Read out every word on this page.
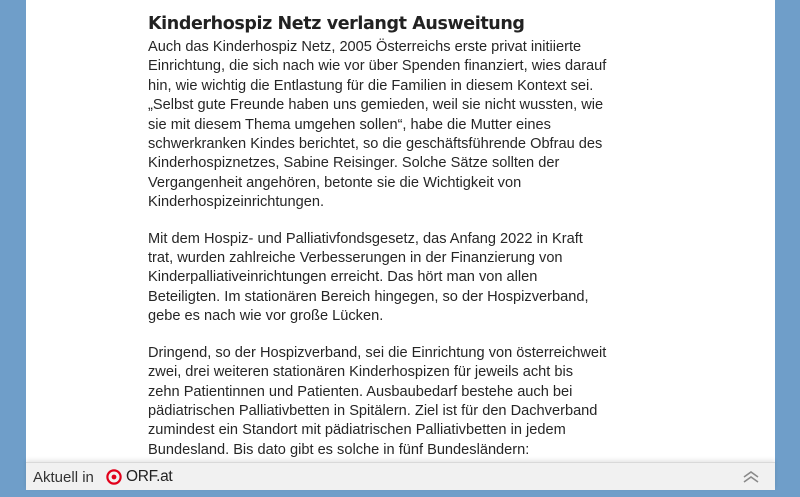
Kinderhospiz Netz verlangt Ausweitung

Auch das Kinderhospiz Netz, 2005 Österreichs erste privat initiierte Einrichtung, die sich nach wie vor über Spenden finanziert, wies darauf hin, wie wichtig die Entlastung für die Familien in diesem Kontext sei. „Selbst gute Freunde haben uns gemieden, weil sie nicht wussten, wie sie mit diesem Thema umgehen sollen“, habe die Mutter eines schwerkranken Kindes berichtet, so die geschäftsführende Obfrau des Kinderhospiznetzes, Sabine Reisinger. Solche Sätze sollten der Vergangenheit angehören, betonte sie die Wichtigkeit von Kinderhospizeinrichtungen.

Mit dem Hospiz- und Palliativfondsgesetz, das Anfang 2022 in Kraft trat, wurden zahlreiche Verbesserungen in der Finanzierung von Kinderpalliativeinrichtungen erreicht. Das hört man von allen Beteiligten. Im stationären Bereich hingegen, so der Hospizverband, gebe es nach wie vor große Lücken.

Dringend, so der Hospizverband, sei die Einrichtung von österreichweit zwei, drei weiteren stationären Kinderhospizen für jeweils acht bis zehn Patientinnen und Patienten. Ausbaubedarf bestehe auch bei pädiatrischen Palliativbetten in Spitälern. Ziel ist für den Dachverband zumindest ein Standort mit pädiatrischen Palliativbetten in jedem Bundesland. Bis dato gibt es solche in fünf Bundesländern:

Aktuell in ORF.at
